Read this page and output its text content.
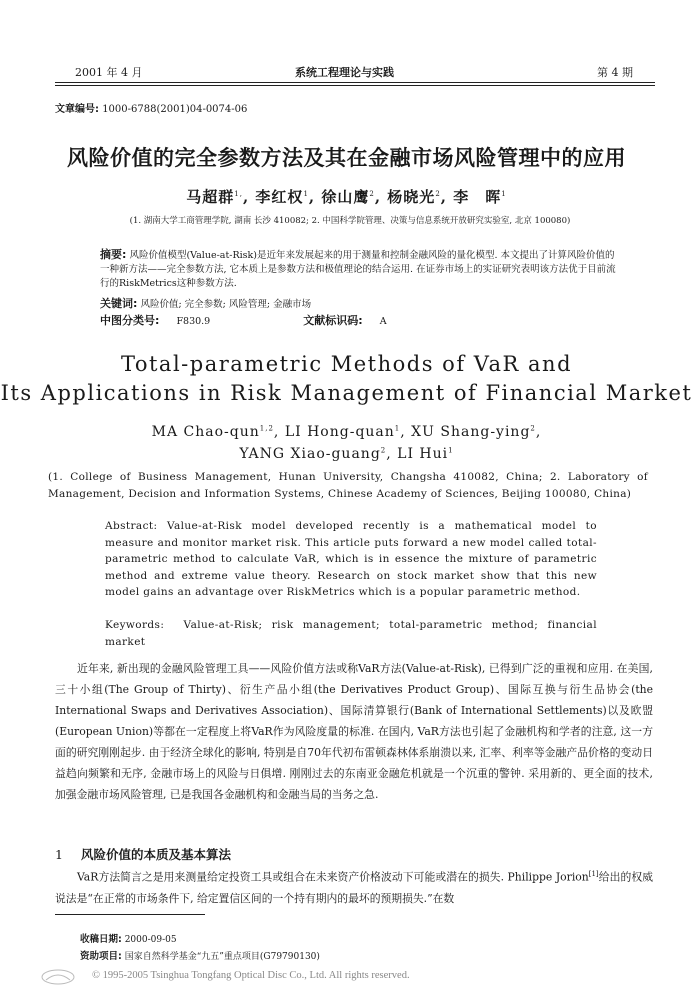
2001 年 4 月	系统工程理论与实践	第 4 期
文章编号: 1000-6788(2001)04-0074-06
风险价值的完全参数方法及其在金融市场风险管理中的应用
马超群$^{1,}$, 李红权$^1$, 徐山鹰$^2$, 杨晓光$^2$, 李　晖$^1$
(1. 湖南大学工商管理学院, 湖南 长沙 410082; 2. 中国科学院管理、决策与信息系统开放研究实验室, 北京 100080)
摘要: 风险价值模型(Value-at-Risk)是近年来发展起来的用于测量和控制金融风险的量化模型. 本文提出了计算风险价值的一种新方法——完全参数方法, 它本质上是参数方法和极值理论的结合运用. 在证券市场上的实证研究表明该方法优于目前流行的RiskMetrics这种参数方法.
关键词: 风险价值; 完全参数; 风险管理; 金融市场
中图分类号: F830.9	文献标识码: A
Total-parametric Methods of VaR and
Its Applications in Risk Management of Financial Market
MA Chao-qun$^{1,2}$, LI Hong-quan$^1$, XU Shang-ying$^2$,
YANG Xiao-guang$^2$, LI Hui$^1$
(1. College of Business Management, Hunan University, Changsha 410082, China; 2. Laboratory of Management, Decision and Information Systems, Chinese Academy of Sciences, Beijing 100080, China)
Abstract: Value-at-Risk model developed recently is a mathematical model to measure and monitor market risk. This article puts forward a new model called total-parametric method to calculate VaR, which is in essence the mixture of parametric method and extreme value theory. Research on stock market show that this new model gains an advantage over RiskMetrics which is a popular parametric method.
Keywords: Value-at-Risk; risk management; total-parametric method; financial market
近年来, 新出现的金融风险管理工具——风险价值方法或称VaR方法(Value-at-Risk), 已得到广泛的重视和应用. 在美国, 三十小组(The Group of Thirty)、衍生产品小组(the Derivatives Product Group)、国际互换与衍生品协会(the International Swaps and Derivatives Association)、国际清算银行(Bank of International Settlements)以及欧盟(European Union)等都在一定程度上将VaR作为风险度量的标准. 在国内, VaR方法也引起了金融机构和学者的注意, 这一方面的研究刚刚起步. 由于经济全球化的影响, 特别是自70年代初布雷顿森林体系崩溃以来, 汇率、利率等金融产品价格的变动日益趋向频繁和无序, 金融市场上的风险与日俱增. 刚刚过去的东南亚金融危机就是一个沉重的警钟. 采用新的、更全面的技术, 加强金融市场风险管理, 已是我国各金融机构和金融当局的当务之急.
1 风险价值的本质及基本算法
VaR方法简言之是用来测量给定投资工具或组合在未来资产价格波动下可能或潜在的损失. Philippe Jorion[1]给出的权威说法是“在正常的市场条件下, 给定置信区间的一个持有期内的最坏的预期损失.”在数
收稿日期: 2000-09-05
资助项目: 国家自然科学基金“九五”重点项目(G79790130)
© 1995-2005 Tsinghua Tongfang Optical Disc Co., Ltd. All rights reserved.
